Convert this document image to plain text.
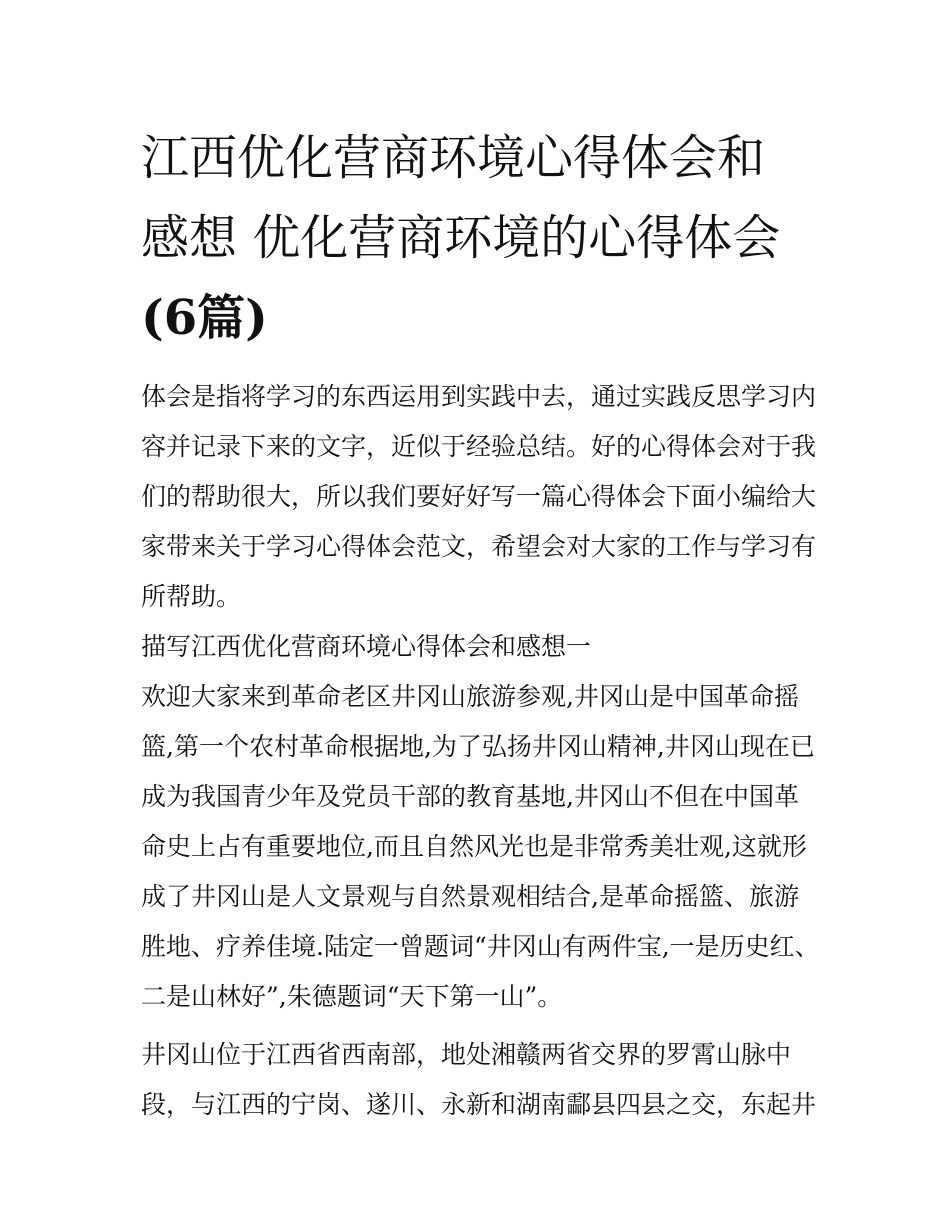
江西优化营商环境心得体会和
感想 优化营商环境的心得体会
(6篇)

体会是指将学习的东西运用到实践中去，通过实践反思学习内
容并记录下来的文字，近似于经验总结。好的心得体会对于我
们的帮助很大，所以我们要好好写一篇心得体会下面小编给大
家带来关于学习心得体会范文，希望会对大家的工作与学习有
所帮助。

描写江西优化营商环境心得体会和感想一

欢迎大家来到革命老区井冈山旅游参观,井冈山是中国革命摇
篮,第一个农村革命根据地,为了弘扬井冈山精神,井冈山现在已
成为我国青少年及党员干部的教育基地,井冈山不但在中国革
命史上占有重要地位,而且自然风光也是非常秀美壮观,这就形
成了井冈山是人文景观与自然景观相结合,是革命摇篮、旅游
胜地、疗养佳境.陆定一曾题词“井冈山有两件宝,一是历史红、
二是山林好”,朱德题词“天下第一山”。

井冈山位于江西省西南部，地处湘赣两省交界的罗霄山脉中
段，与江西的宁岗、遂川、永新和湖南酃县四县之交，东起井
